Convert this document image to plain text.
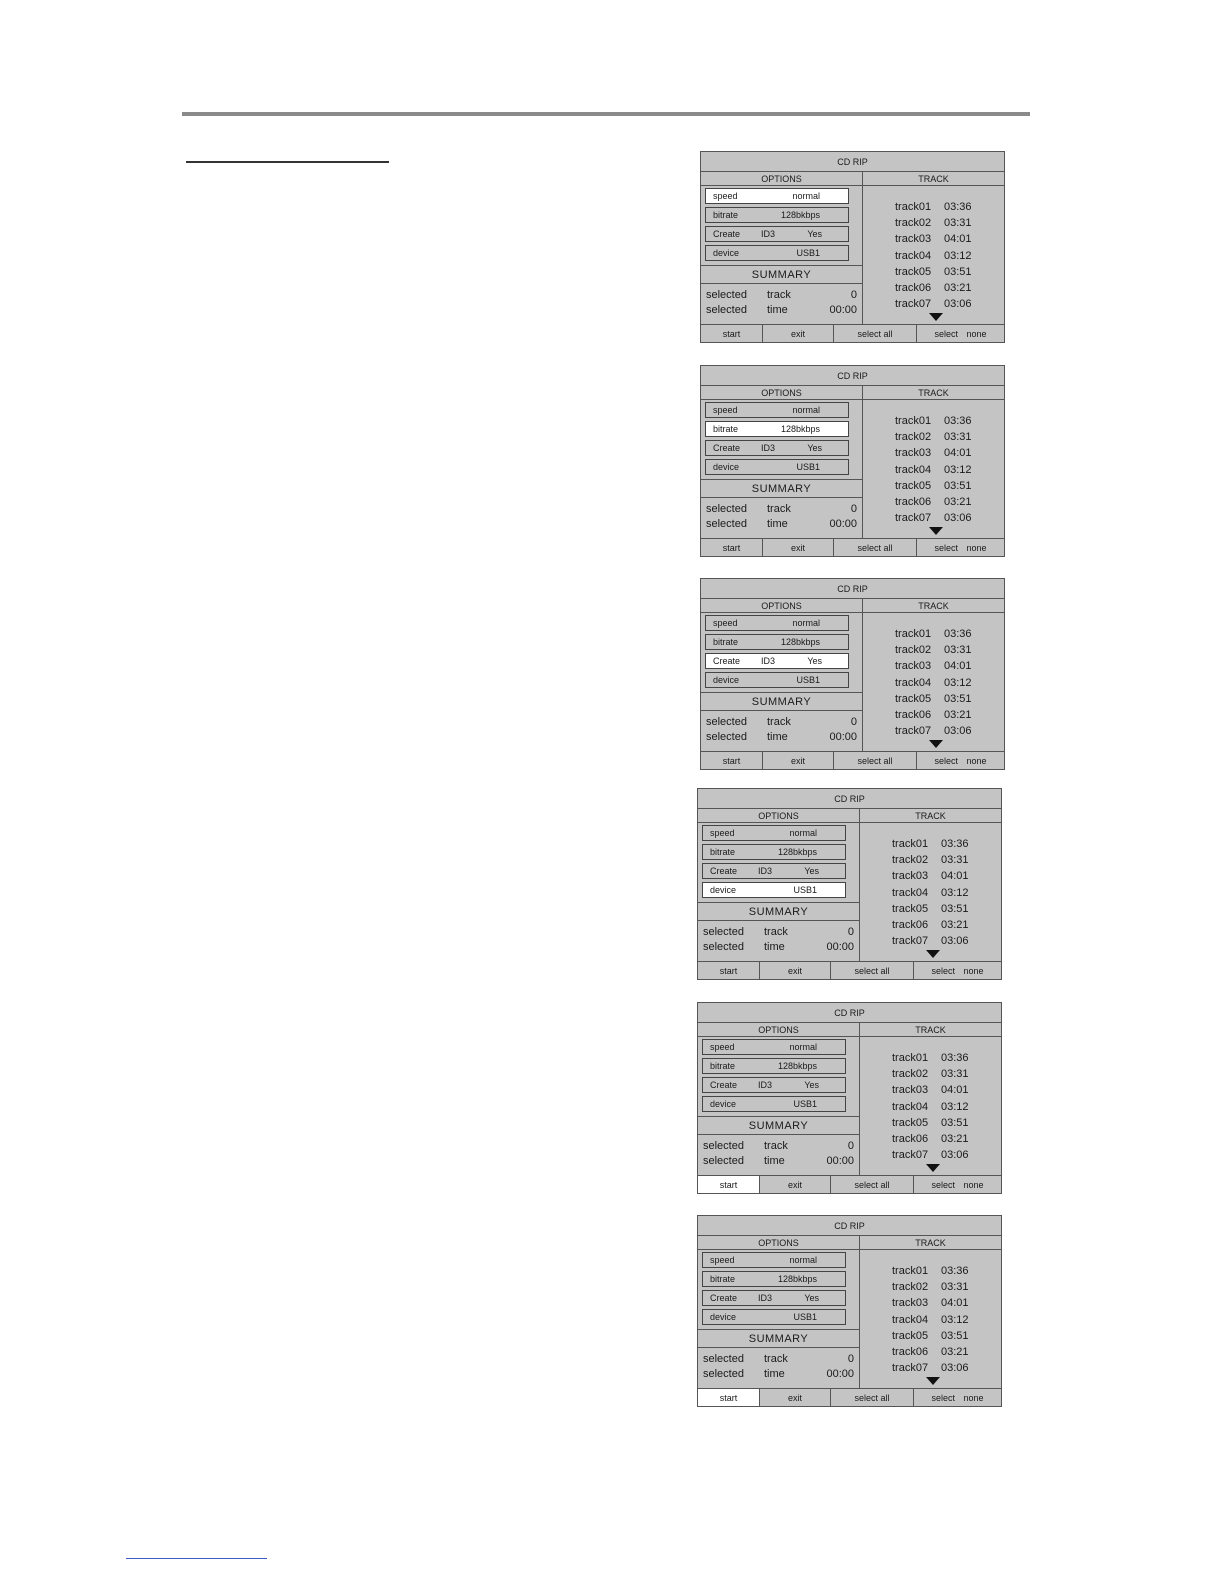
CD RIP
OPTIONS	TRACK
speed	normal
bitrate	128bkbps
Create ID3	Yes
device	USB1
SUMMARY
selected track	0
selected time	00:00
track01 03:36
track02 03:31
track03 04:01
track04 03:12
track05 03:51
track06 03:21
track07 03:06
start	exit	select all	select none
CD RIP
OPTIONS	TRACK
speed	normal
bitrate	128bkbps
Create ID3	Yes
device	USB1
SUMMARY
selected track	0
selected time	00:00
track01 03:36
track02 03:31
track03 04:01
track04 03:12
track05 03:51
track06 03:21
track07 03:06
start	exit	select all	select none
CD RIP
OPTIONS	TRACK
speed	normal
bitrate	128bkbps
Create ID3	Yes
device	USB1
SUMMARY
selected track	0
selected time	00:00
track01 03:36
track02 03:31
track03 04:01
track04 03:12
track05 03:51
track06 03:21
track07 03:06
start	exit	select all	select none
CD RIP
OPTIONS	TRACK
speed	normal
bitrate	128bkbps
Create ID3	Yes
device	USB1
SUMMARY
selected track	0
selected time	00:00
track01 03:36
track02 03:31
track03 04:01
track04 03:12
track05 03:51
track06 03:21
track07 03:06
start	exit	select all	select none
CD RIP
OPTIONS	TRACK
speed	normal
bitrate	128bkbps
Create ID3	Yes
device	USB1
SUMMARY
selected track	0
selected time	00:00
track01 03:36
track02 03:31
track03 04:01
track04 03:12
track05 03:51
track06 03:21
track07 03:06
start	exit	select all	select none
CD RIP
OPTIONS	TRACK
speed	normal
bitrate	128bkbps
Create ID3	Yes
device	USB1
SUMMARY
selected track	0
selected time	00:00
track01 03:36
track02 03:31
track03 04:01
track04 03:12
track05 03:51
track06 03:21
track07 03:06
start	exit	select all	select none
